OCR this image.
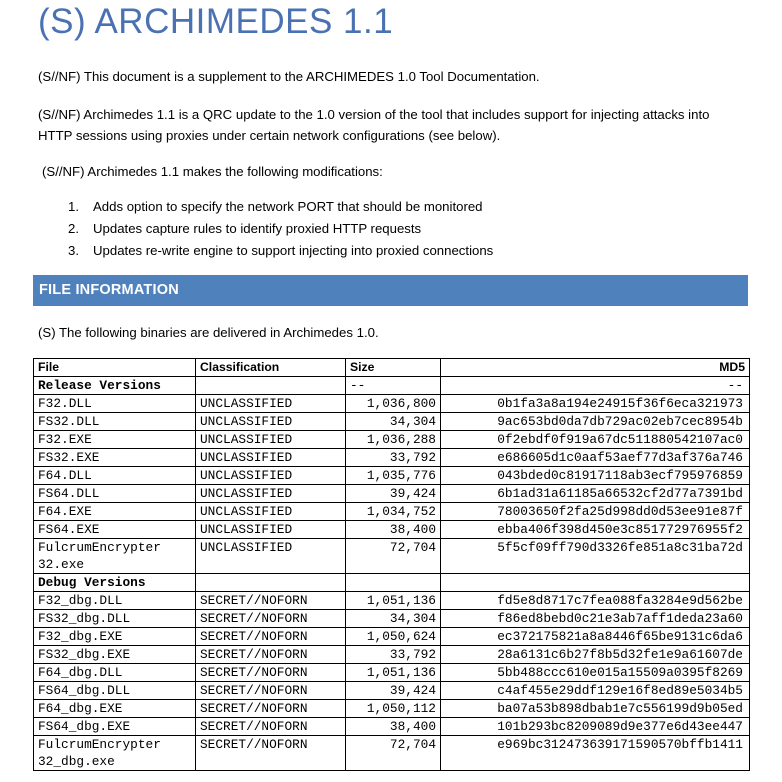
(S) ARCHIMEDES 1.1

(S//NF) This document is a supplement to the ARCHIMEDES 1.0 Tool Documentation.

(S//NF) Archimedes 1.1 is a QRC update to the 1.0 version of the tool that includes support for injecting attacks into HTTP sessions using proxies under certain network configurations (see below).

(S//NF) Archimedes 1.1 makes the following modifications:

1. Adds option to specify the network PORT that should be monitored
2. Updates capture rules to identify proxied HTTP requests
3. Updates re-write engine to support injecting into proxied connections
FILE INFORMATION

(S) The following binaries are delivered in Archimedes 1.0.

File	Classification	Size	MD5
Release Versions		--	--
F32.DLL	UNCLASSIFIED	1,036,800	0b1fa3a8a194e24915f36f6eca321973
FS32.DLL	UNCLASSIFIED	34,304	9ac653bd0da7db729ac02eb7cec8954b
F32.EXE	UNCLASSIFIED	1,036,288	0f2ebdf0f919a67dc511880542107ac0
FS32.EXE	UNCLASSIFIED	33,792	e686605d1c0aaf53aef77d3af376a746
F64.DLL	UNCLASSIFIED	1,035,776	043bded0c81917118ab3ecf795976859
FS64.DLL	UNCLASSIFIED	39,424	6b1ad31a61185a66532cf2d77a7391bd
F64.EXE	UNCLASSIFIED	1,034,752	78003650f2fa25d998dd0d53ee91e87f
FS64.EXE	UNCLASSIFIED	38,400	ebba406f398d450e3c851772976955f2
FulcrumEncrypter 32.exe	UNCLASSIFIED	72,704	5f5cf09ff790d3326fe851a8c31ba72d
Debug Versions			
F32_dbg.DLL	SECRET//NOFORN	1,051,136	fd5e8d8717c7fea088fa3284e9d562be
FS32_dbg.DLL	SECRET//NOFORN	34,304	f86ed8bebd0c21e3ab7aff1deda23a60
F32_dbg.EXE	SECRET//NOFORN	1,050,624	ec372175821a8a8446f65be9131c6da6
FS32_dbg.EXE	SECRET//NOFORN	33,792	28a6131c6b27f8b5d32fe1e9a61607de
F64_dbg.DLL	SECRET//NOFORN	1,051,136	5bb488ccc610e015a15509a0395f8269
FS64_dbg.DLL	SECRET//NOFORN	39,424	c4af455e29ddf129e16f8ed89e5034b5
F64_dbg.EXE	SECRET//NOFORN	1,050,112	ba07a53b898dbab1e7c556199d9b05ed
FS64_dbg.EXE	SECRET//NOFORN	38,400	101b293bc8209089d9e377e6d43ee447
FulcrumEncrypter 32_dbg.exe	SECRET//NOFORN	72,704	e969bc312473639171590570bffb1411
